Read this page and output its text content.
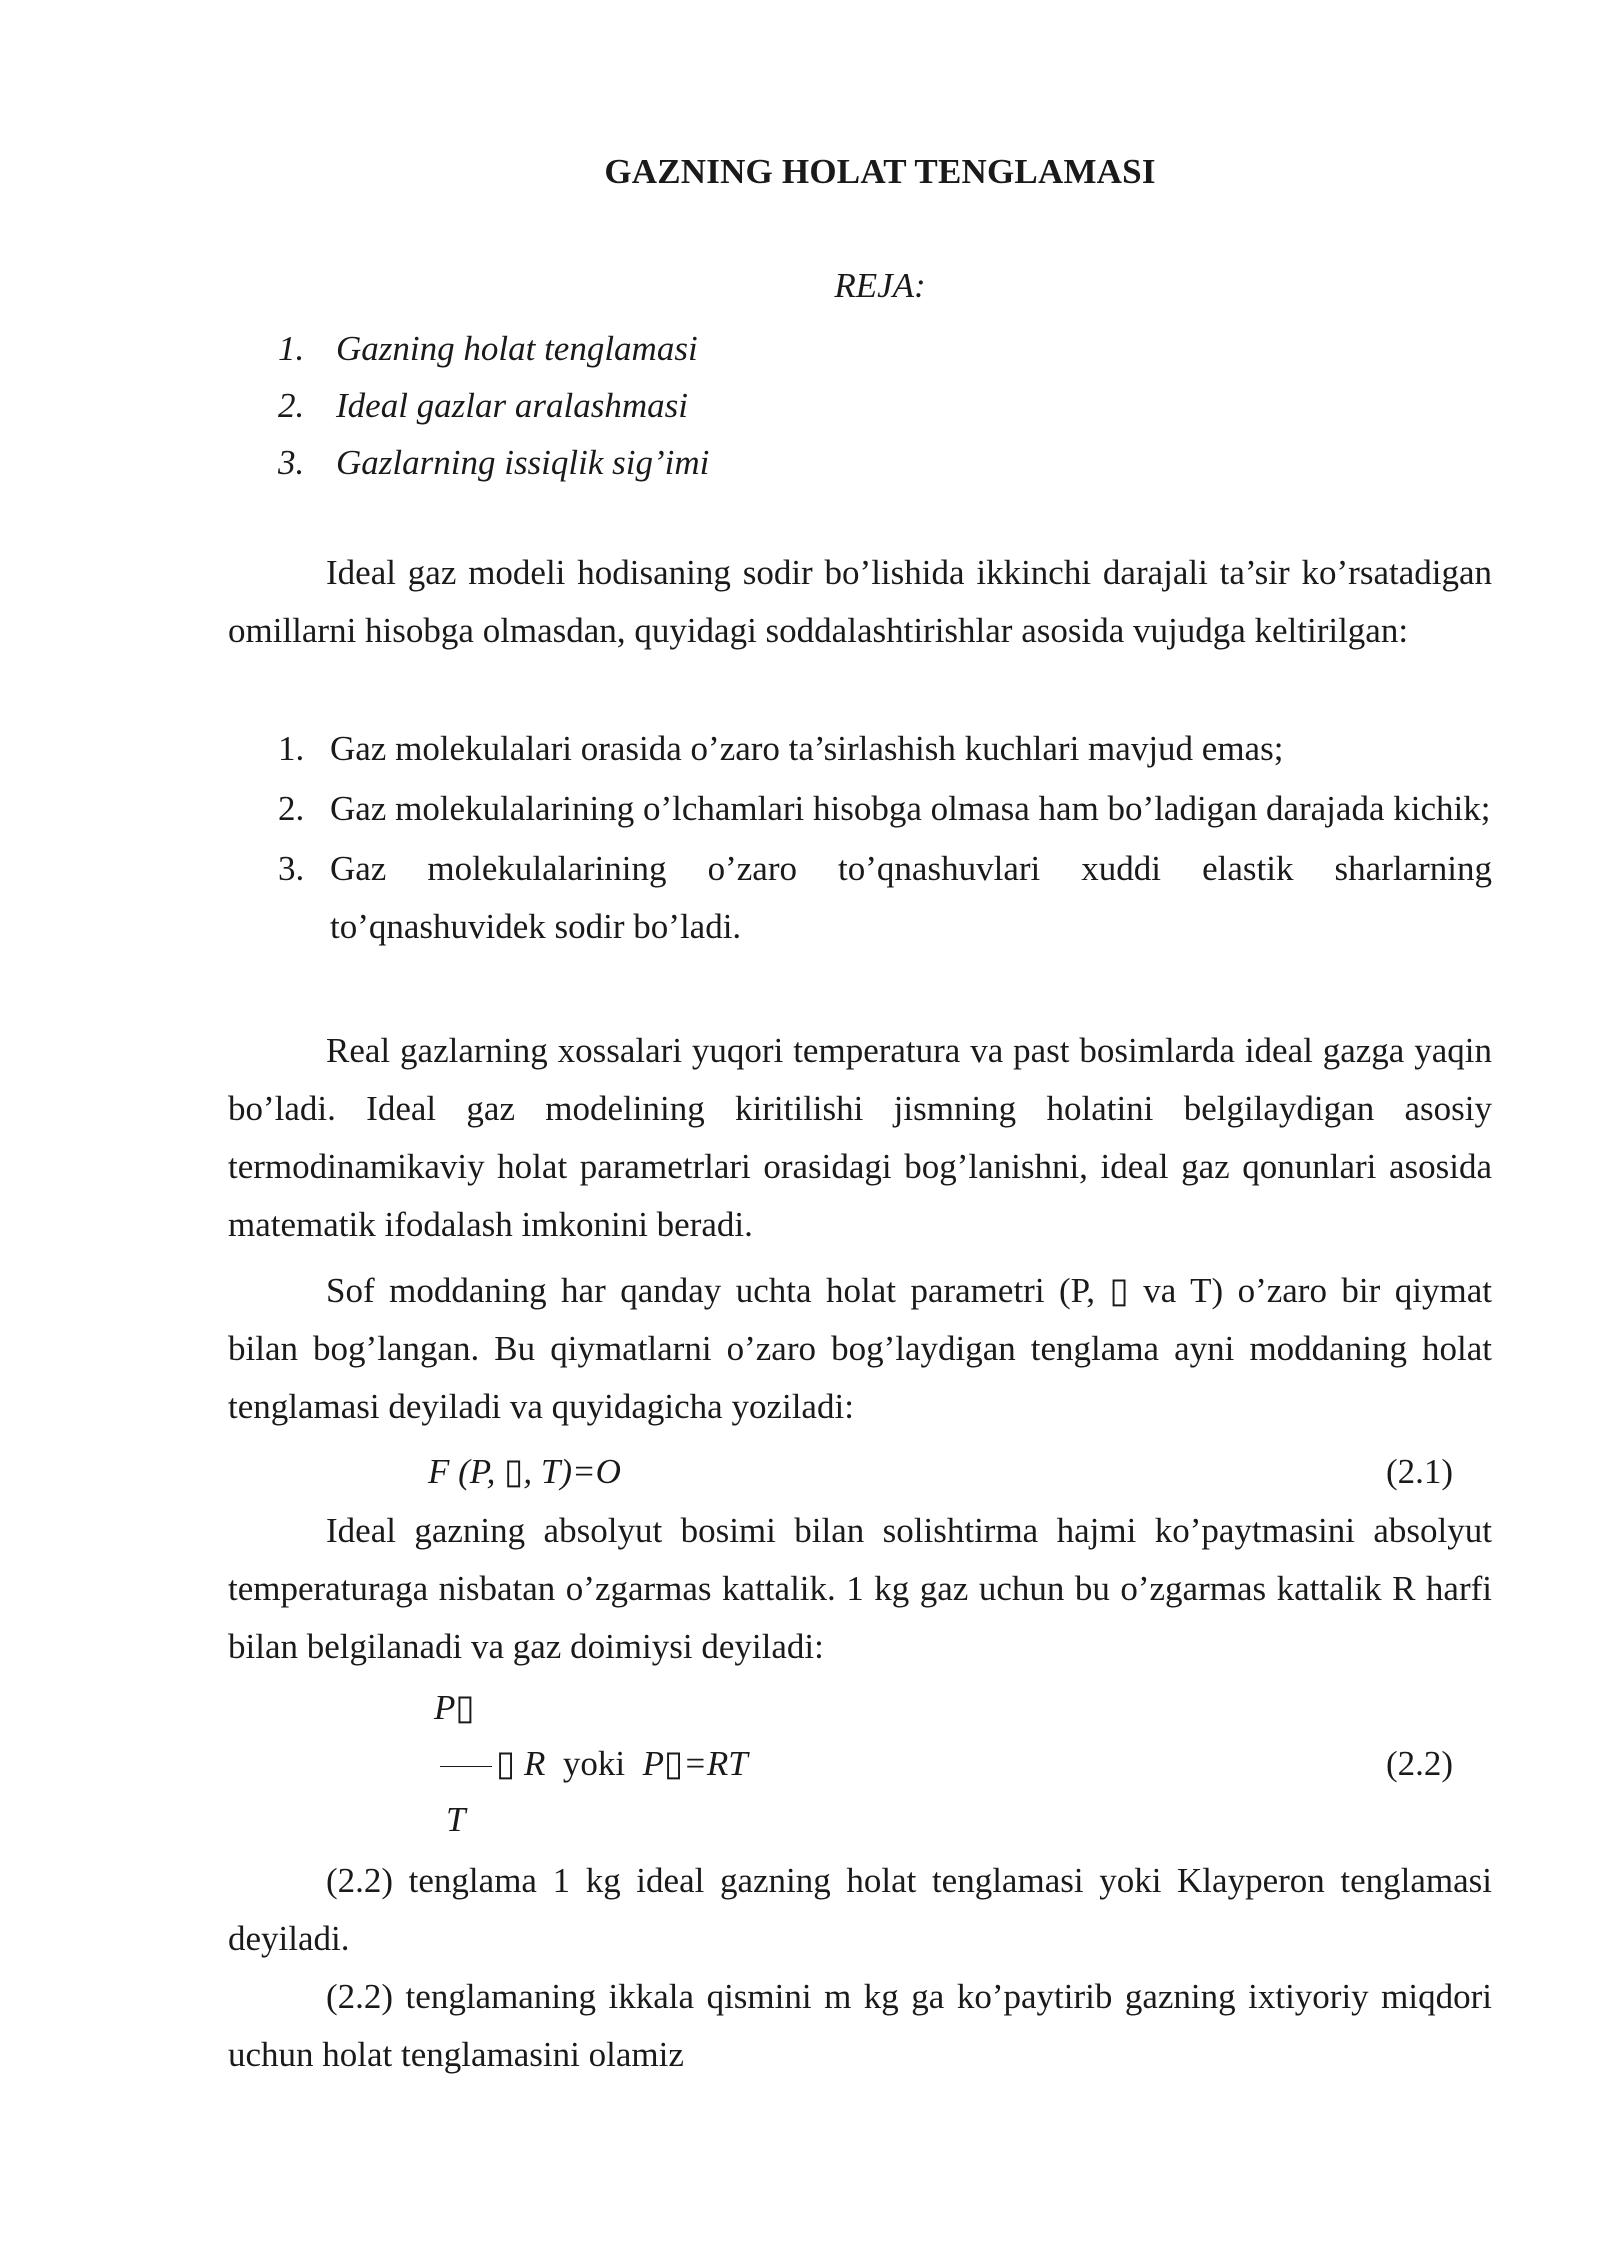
GAZNING HOLAT TENGLAMASI
REJA:
1. Gazning holat tenglamasi
2. Ideal gazlar aralashmasi
3. Gazlarning issiqlik sig’imi
Ideal gaz modeli hodisaning sodir bo’lishida ikkinchi darajali ta’sir ko’rsatadigan omillarni hisobga olmasdan, quyidagi soddalashtirishlar asosida vujudga keltirilgan:
1. Gaz molekulalari orasida o’zaro ta’sirlashish kuchlari mavjud emas;
2. Gaz molekulalarining o’lchamlari hisobga olmasa ham bo’ladigan darajada kichik;
3. Gaz molekulalarining o’zaro to’qnashuvlari xuddi elastik sharlarning to’qnashuvidek sodir bo’ladi.
Real gazlarning xossalari yuqori temperatura va past bosimlarda ideal gazga yaqin bo’ladi. Ideal gaz modelining kiritilishi jismning holatini belgilaydigan asosiy termodinamikaviy holat parametrlari orasidagi bog’lanishni, ideal gaz qonunlari asosida matematik ifodalash imkonini beradi.
Sof moddaning har qanday uchta holat parametri (P, ▯ va T) o’zaro bir qiymat bilan bog’langan. Bu qiymatlarni o’zaro bog’laydigan tenglama ayni moddaning holat tenglamasi deyiladi va quyidagicha yoziladi:
F (P, ▯, T)=O	(2.1)
Ideal gazning absolyut bosimi bilan solishtirma hajmi ko’paytmasini absolyut temperaturaga nisbatan o’zgarmas kattalik. 1 kg gaz uchun bu o’zgarmas kattalik R harfi bilan belgilanadi va gaz doimiysi deyiladi:
P▯
▯ R yoki P▯=RT
T
(2.2)
(2.2) tenglama 1 kg ideal gazning holat tenglamasi yoki Klayperon tenglamasi deyiladi.
(2.2) tenglamaning ikkala qismini m kg ga ko’paytirib gazning ixtiyoriy miqdori uchun holat tenglamasini olamiz
